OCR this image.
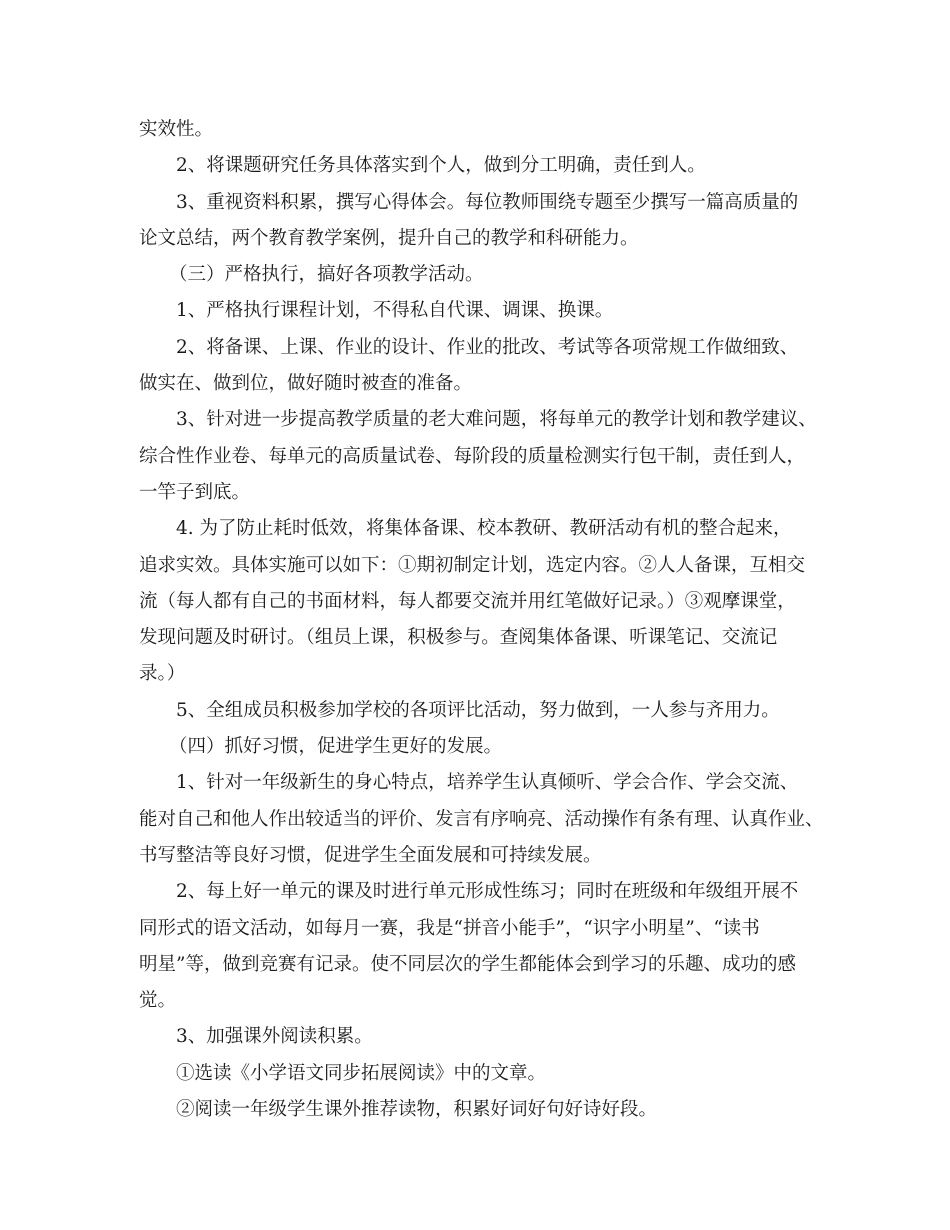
实效性。
2、将课题研究任务具体落实到个人，做到分工明确，责任到人。
3、重视资料积累，撰写心得体会。每位教师围绕专题至少撰写一篇高质量的
论文总结，两个教育教学案例，提升自己的教学和科研能力。
（三）严格执行，搞好各项教学活动。
1、严格执行课程计划，不得私自代课、调课、换课。
2、将备课、上课、作业的设计、作业的批改、考试等各项常规工作做细致、
做实在、做到位，做好随时被查的准备。
3、针对进一步提高教学质量的老大难问题，将每单元的教学计划和教学建议、
综合性作业卷、每单元的高质量试卷、每阶段的质量检测实行包干制，责任到人，
一竿子到底。
4. 为了防止耗时低效，将集体备课、校本教研、教研活动有机的整合起来，
追求实效。具体实施可以如下：①期初制定计划，选定内容。②人人备课，互相交
流（每人都有自己的书面材料，每人都要交流并用红笔做好记录。）③观摩课堂，
发现问题及时研讨。（组员上课，积极参与。查阅集体备课、听课笔记、交流记
录。）
5、全组成员积极参加学校的各项评比活动，努力做到，一人参与齐用力。
（四）抓好习惯，促进学生更好的发展。
1、针对一年级新生的身心特点，培养学生认真倾听、学会合作、学会交流、
能对自己和他人作出较适当的评价、发言有序响亮、活动操作有条有理、认真作业、
书写整洁等良好习惯，促进学生全面发展和可持续发展。
2、每上好一单元的课及时进行单元形成性练习；同时在班级和年级组开展不
同形式的语文活动，如每月一赛，我是“拼音小能手”，“识字小明星”、“读书
明星”等，做到竞赛有记录。使不同层次的学生都能体会到学习的乐趣、成功的感
觉。
3、加强课外阅读积累。
①选读《小学语文同步拓展阅读》中的文章。
②阅读一年级学生课外推荐读物，积累好词好句好诗好段。
